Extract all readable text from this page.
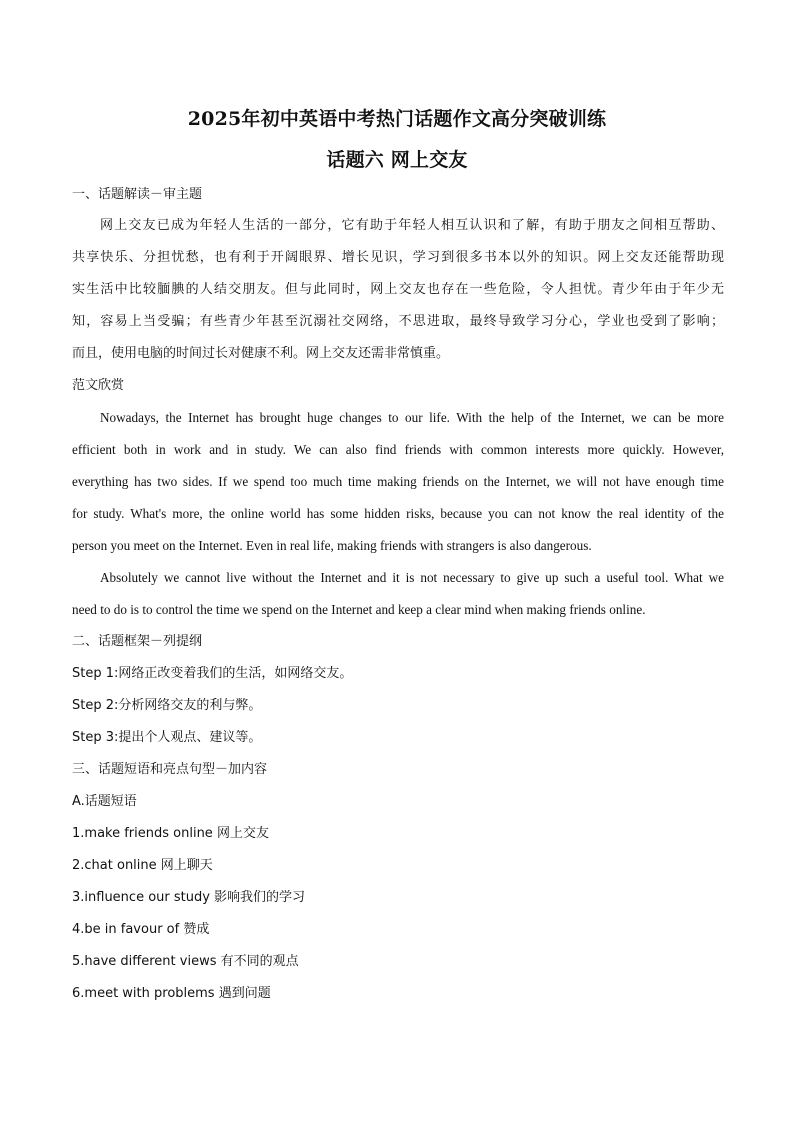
2025年初中英语中考热门话题作文高分突破训练
话题六 网上交友
一、话题解读－审主题
网上交友已成为年轻人生活的一部分，它有助于年轻人相互认识和了解，有助于朋友之间相互帮助、
共享快乐、分担忧愁，也有利于开阔眼界、增长见识，学习到很多书本以外的知识。网上交友还能帮助现
实生活中比较腼腆的人结交朋友。但与此同时，网上交友也存在一些危险，令人担忧。青少年由于年少无
知，容易上当受骗；有些青少年甚至沉溺社交网络，不思进取，最终导致学习分心，学业也受到了影响；
而且，使用电脑的时间过长对健康不利。网上交友还需非常慎重。
范文欣赏
Nowadays, the Internet has brought huge changes to our life. With the help of the Internet, we can be more
efficient both in work and in study. We can also find friends with common interests more quickly. However,
everything has two sides. If we spend too much time making friends on the Internet, we will not have enough time
for study. What's more, the online world has some hidden risks, because you can not know the real identity of the
person you meet on the Internet. Even in real life, making friends with strangers is also dangerous.
Absolutely we cannot live without the Internet and it is not necessary to give up such a useful tool. What we
need to do is to control the time we spend on the Internet and keep a clear mind when making friends online.
二、话题框架－列提纲
Step 1:网络正改变着我们的生活，如网络交友。
Step 2:分析网络交友的利与弊。
Step 3:提出个人观点、建议等。
三、话题短语和亮点句型－加内容
A.话题短语
1.make friends online 网上交友
2.chat online 网上聊天
3.influence our study 影响我们的学习
4.be in favour of 赞成
5.have different views 有不同的观点
6.meet with problems 遇到问题
